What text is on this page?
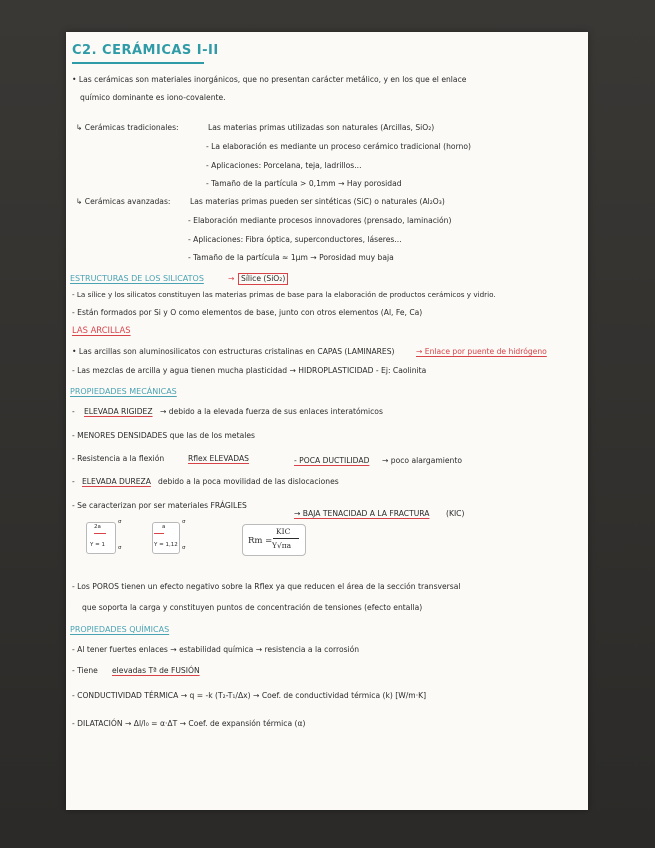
C2. CERÁMICAS I-II
• Las cerámicas son materiales inorgánicos, que no presentan carácter metálico, y en los que el enlace
químico dominante es iono-covalente.
↳ Cerámicas tradicionales:	Las materias primas utilizadas son naturales (Arcillas, SiO₂)
- La elaboración es mediante un proceso cerámico tradicional (horno)
- Aplicaciones: Porcelana, teja, ladrillos...
- Tamaño de la partícula > 0,1mm → Hay porosidad
↳ Cerámicas avanzadas:	Las materias primas pueden ser sintéticas (SiC) o naturales (Al₂O₃)
- Elaboración mediante procesos innovadores (prensado, laminación)
- Aplicaciones: Fibra óptica, superconductores, láseres...
- Tamaño de la partícula ≈ 1µm → Porosidad muy baja
ESTRUCTURAS DE LOS SILICATOS	→ Sílice (SiO₂)
- La sílice y los silicatos constituyen las materias primas de base para la elaboración de productos cerámicos y vidrio.
- Están formados por Si y O como elementos de base, junto con otros elementos (Al, Fe, Ca)
LAS ARCILLAS
• Las arcillas son aluminosilicatos con estructuras cristalinas en CAPAS (LAMINARES)	→ Enlace por puente de hidrógeno
- Las mezclas de arcilla y agua tienen mucha plasticidad → HIDROPLASTICIDAD - Ej: Caolinita
PROPIEDADES MECÁNICAS
- ELEVADA RIGIDEZ → debido a la elevada fuerza de sus enlaces interatómicos
- MENORES DENSIDADES que las de los metales
- Resistencia a la flexión	Rflex ELEVADAS	- POCA DUCTILIDAD → poco alargamiento
- ELEVADA DUREZA debido a la poca movilidad de las dislocaciones
- Se caracterizan por ser materiales FRÁGILES
→ BAJA TENACIDAD A LA FRACTURA (KIC)
2a
Y = 1
σ
σ
a
Y = 1,12
σ
σ
Rm =
KIC
Y√πa
- Los POROS tienen un efecto negativo sobre la Rflex ya que reducen el área de la sección transversal
que soporta la carga y constituyen puntos de concentración de tensiones (efecto entalla)
PROPIEDADES QUÍMICAS
- Al tener fuertes enlaces → estabilidad química → resistencia a la corrosión
- Tiene elevadas Tª de FUSIÓN
- CONDUCTIVIDAD TÉRMICA → q = -k (T₂-T₁/Δx) → Coef. de conductividad térmica (k) [W/m·K]
- DILATACIÓN → Δl/l₀ = α·ΔT → Coef. de expansión térmica (α)
